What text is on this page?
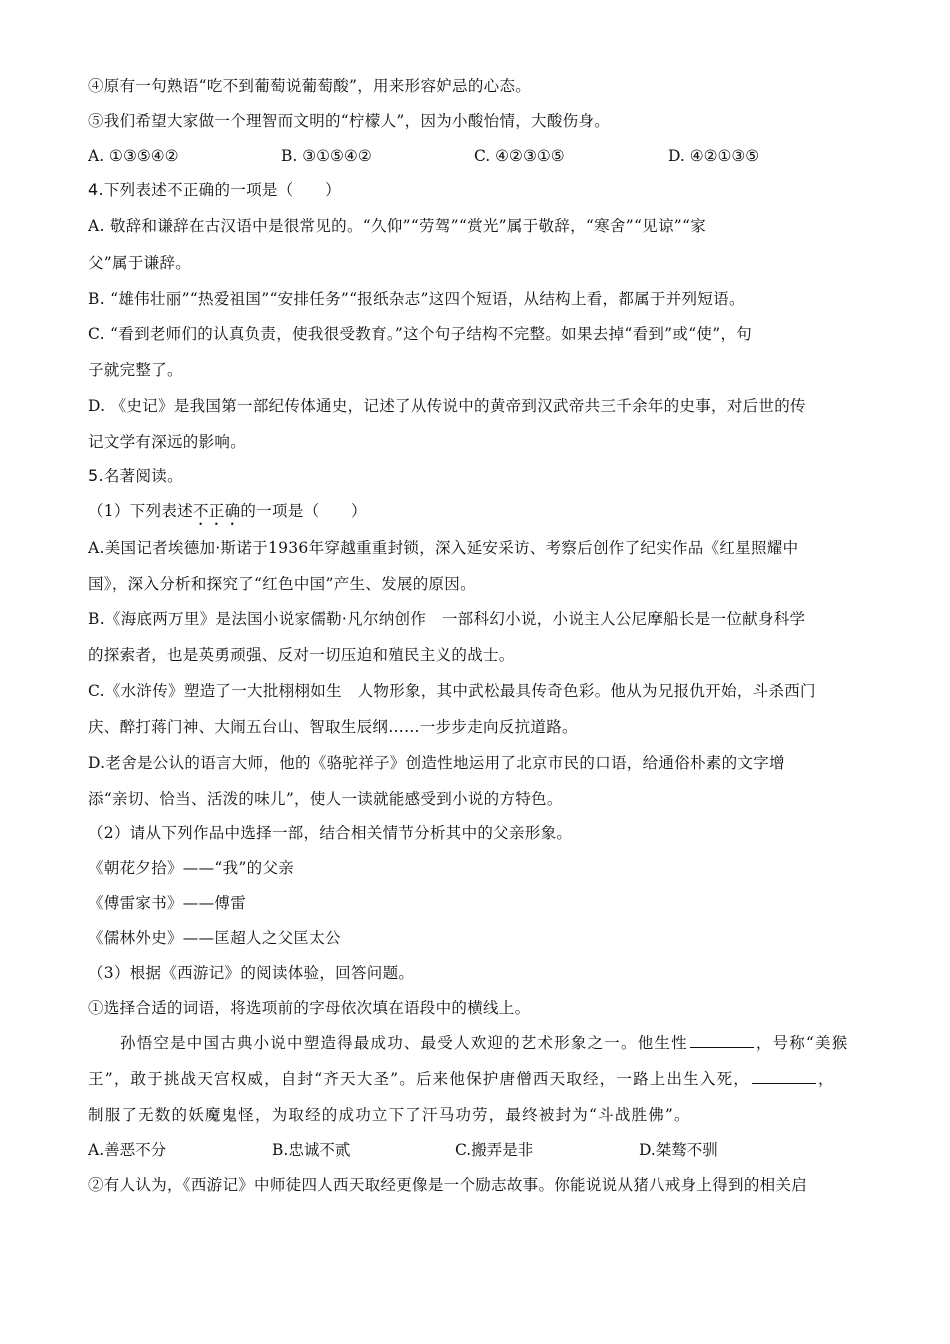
④原有一句熟语“吃不到葡萄说葡萄酸”，用来形容妒忌的心态。
⑤我们希望大家做一个理智而文明的“柠檬人”，因为小酸怡情，大酸伤身。
A. ①③⑤④②	B. ③①⑤④②	C. ④②③①⑤	D. ④②①③⑤
4.下列表述不正确的一项是（　　）
A. 敬辞和谦辞在古汉语中是很常见的。“久仰”“劳驾”“赏光”属于敬辞，“寒舍”“见谅”“家
父”属于谦辞。
B. “雄伟壮丽”“热爱祖国”“安排任务”“报纸杂志”这四个短语，从结构上看，都属于并列短语。
C. “看到老师们的认真负责，使我很受教育。”这个句子结构不完整。如果去掉“看到”或“使”，句
子就完整了。
D. 《史记》是我国第一部纪传体通史，记述了从传说中的黄帝到汉武帝共三千余年的史事，对后世的传
记文学有深远的影响。
5.名著阅读。
（1）下列表述不正确的一项是（　　）
A.美国记者埃德加·斯诺于1936年穿越重重封锁，深入延安采访、考察后创作了纪实作品《红星照耀中
国》，深入分析和探究了“红色中国”产生、发展的原因。
B.《海底两万里》是法国小说家儒勒·凡尔纳创作　一部科幻小说，小说主人公尼摩船长是一位献身科学
的探索者，也是英勇顽强、反对一切压迫和殖民主义的战士。
C.《水浒传》塑造了一大批栩栩如生　人物形象，其中武松最具传奇色彩。他从为兄报仇开始，斗杀西门
庆、醉打蒋门神、大闹五台山、智取生辰纲……一步步走向反抗道路。
D.老舍是公认的语言大师，他的《骆驼祥子》创造性地运用了北京市民的口语，给通俗朴素的文字增
添“亲切、恰当、活泼的味儿”，使人一读就能感受到小说的方特色。
（2）请从下列作品中选择一部，结合相关情节分析其中的父亲形象。
《朝花夕拾》——“我”的父亲
《傅雷家书》——傅雷
《儒林外史》——匡超人之父匡太公
（3）根据《西游记》的阅读体验，回答问题。
①选择合适的词语，将选项前的字母依次填在语段中的横线上。
孙悟空是中国古典小说中塑造得最成功、最受人欢迎的艺术形象之一。他生性	，号称“美猴
王”，敢于挑战天宫权威，自封“齐天大圣”。后来他保护唐僧西天取经，一路上出生入死，	，
制服了无数的妖魔鬼怪，为取经的成功立下了汗马功劳，最终被封为“斗战胜佛”。
A.善恶不分	B.忠诚不贰	C.搬弄是非	D.桀骜不驯
②有人认为，《西游记》中师徒四人西天取经更像是一个励志故事。你能说说从猪八戒身上得到的相关启
